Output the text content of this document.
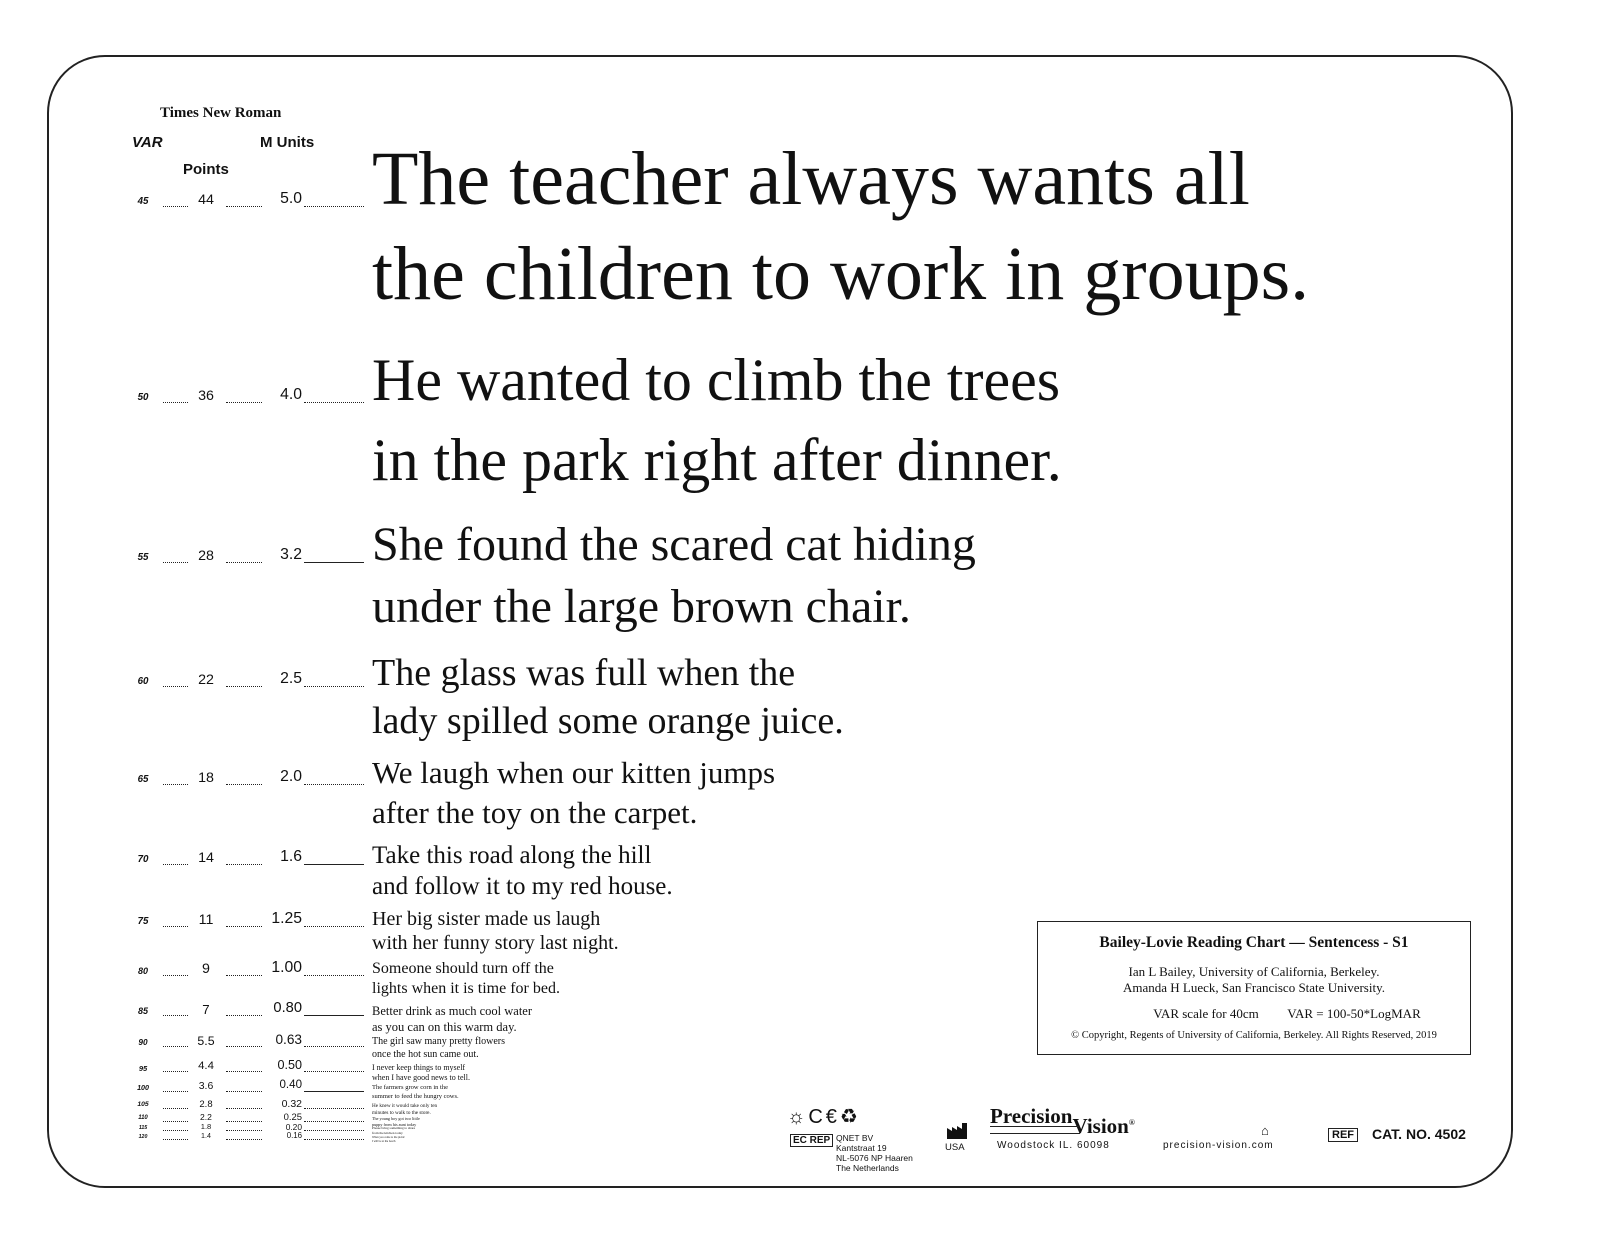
Times New Roman
VAR	M Units
Points
45	44	5.0 The teacher always wants all
the children to work in groups.
50	36	4.0 He wanted to climb the trees
in the park right after dinner.
55	28	3.2 She found the scared cat hiding
under the large brown chair.
60	22	2.5 The glass was full when the
lady spilled some orange juice.
65	18	2.0 We laugh when our kitten jumps
after the toy on the carpet.
70	14	1.6	Take this road along the hill
and follow it to my red house.
75	11	1.25	Her big sister made us laugh
with her funny story last night.
80	9	1.00	Someone should turn off the
lights when it is time for bed.
85	7	0.80	Better drink as much cool water
as you can on this warm day.
90	5.5	0.63	The girl saw many pretty flowers
once the hot sun came out.
95	4.4	0.50	I never keep things to myself
when I have good news to tell.
100	3.6	0.40	The farmers grow corn in the
summer to feed the hungry cows.
105	2.8	0.32	He knew it would take only ten
minutes to walk to the store.
110	2.2	0.25	The young boy got two little
puppy from his aunt today
115	1.8	0.20	Please bring something to share
from the kitchen today
120	1.4	0.16	When you come to the picnic
I will be at the beach
Bailey-Lovie Reading Chart — Sentencess - S1
Ian L Bailey, University of California, Berkeley.
Amanda H Lueck, San Francisco State University.
VAR scale for 40cm	VAR = 100-50*LogMAR
© Copyright, Regents of University of California, Berkeley. All Rights Reserved, 2019
☼C€♻
EC REP QNET BV
Kantstraat 19
NL-5076 NP Haaren
The Netherlands
USA
PrecisionVision®
Woodstock IL. 60098	precision-vision.com
⌂	REF CAT. NO. 4502
